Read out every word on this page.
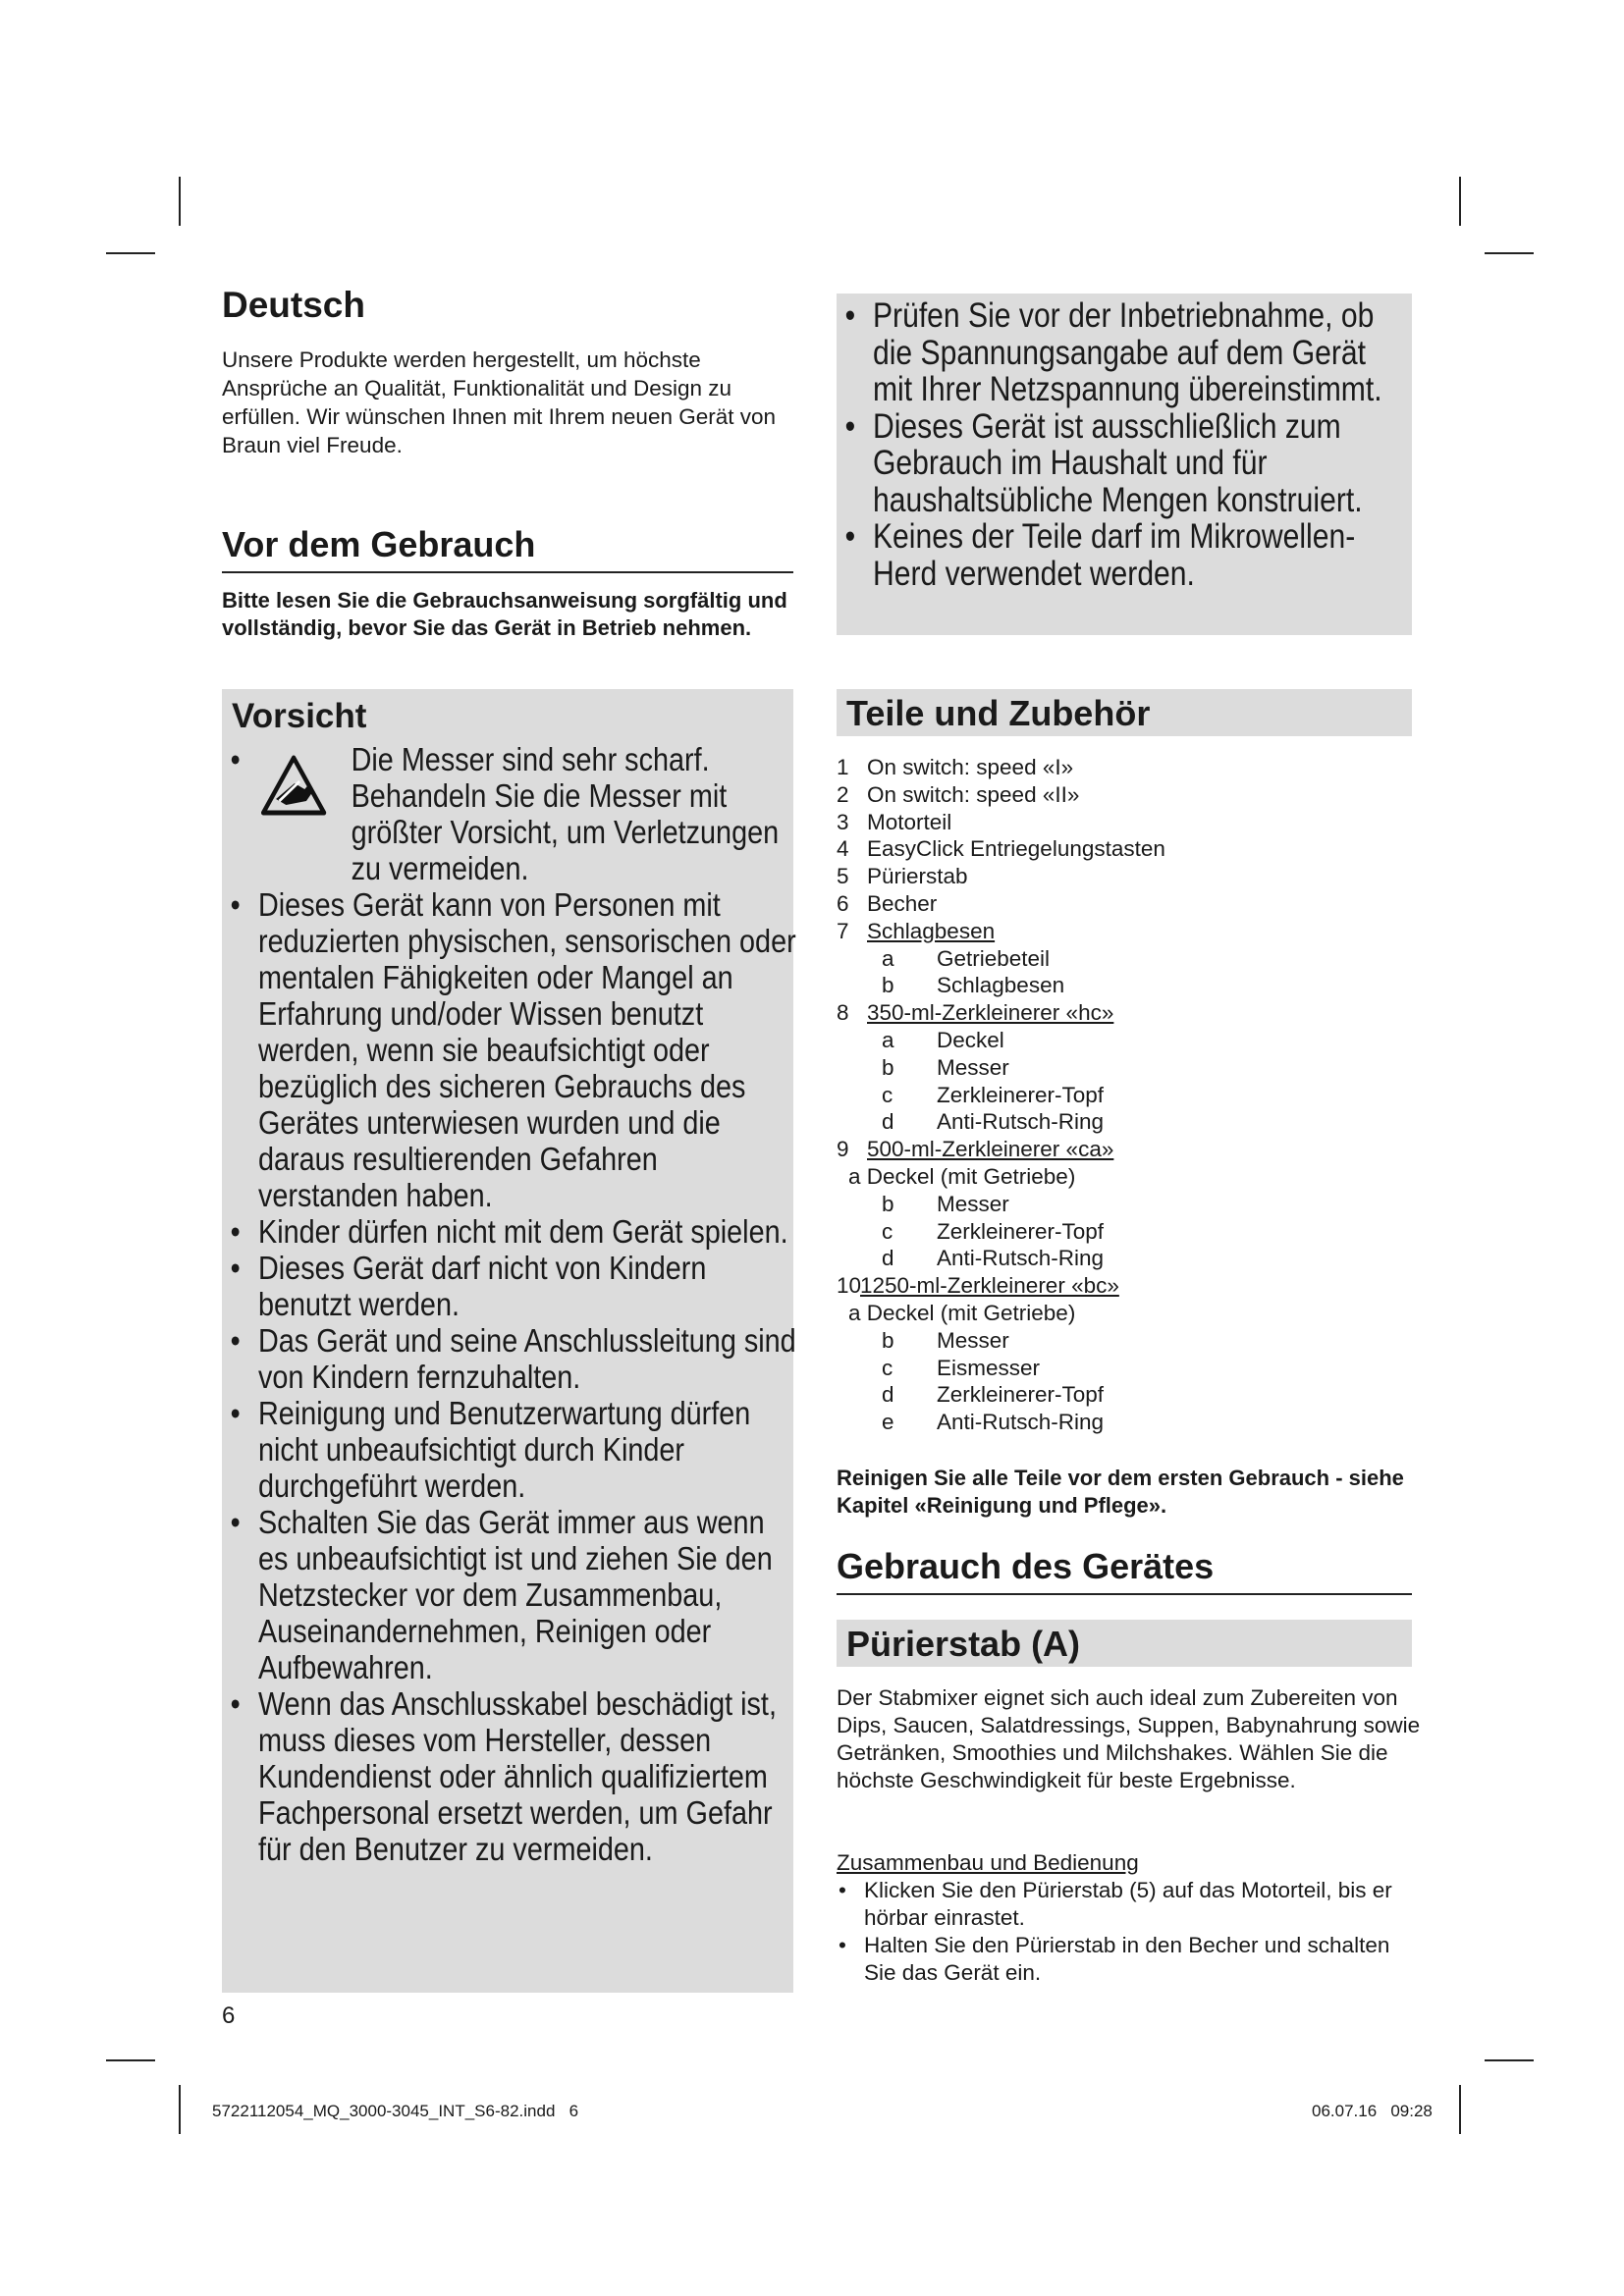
Deutsch

Unsere Produkte werden hergestellt, um höchste Ansprüche an Qualität, Funktionalität und Design zu erfüllen. Wir wünschen Ihnen mit Ihrem neuen Gerät von Braun viel Freude.

Vor dem Gebrauch

Bitte lesen Sie die Gebrauchsanweisung sorgfältig und vollständig, bevor Sie das Gerät in Betrieb nehmen.

Vorsicht
•	Die Messer sind sehr scharf. Behandeln Sie die Messer mit größter Vorsicht, um Verletzungen zu vermeiden.
• Dieses Gerät kann von Personen mit reduzierten physischen, sensorischen oder mentalen Fähigkeiten oder Mangel an Erfahrung und/oder Wissen benutzt werden, wenn sie beaufsichtigt oder bezüglich des sicheren Gebrauchs des Gerätes unterwiesen wurden und die daraus resultierenden Gefahren verstanden haben.
• Kinder dürfen nicht mit dem Gerät spielen.
• Dieses Gerät darf nicht von Kindern benutzt werden.
• Das Gerät und seine Anschlussleitung sind von Kindern fernzuhalten.
• Reinigung und Benutzerwartung dürfen nicht unbeaufsichtigt durch Kinder durchgeführt werden.
• Schalten Sie das Gerät immer aus wenn es unbeaufsichtigt ist und ziehen Sie den Netzstecker vor dem Zusammenbau, Auseinandernehmen, Reinigen oder Aufbewahren.
• Wenn das Anschlusskabel beschädigt ist, muss dieses vom Hersteller, dessen Kundendienst oder ähnlich qualifiziertem Fachpersonal ersetzt werden, um Gefahr für den Benutzer zu vermeiden.
• Prüfen Sie vor der Inbetriebnahme, ob die Spannungsangabe auf dem Gerät mit Ihrer Netzspannung übereinstimmt.
• Dieses Gerät ist ausschließlich zum Gebrauch im Haushalt und für haushaltsübliche Mengen konstruiert.
• Keines der Teile darf im Mikrowellen-Herd verwendet werden.
Teile und Zubehör
1 On switch: speed «I»
2 On switch: speed «II»
3 Motorteil
4 EasyClick Entriegelungstasten
5 Pürierstab
6 Becher
7 Schlagbesen
a Getriebeteil
b Schlagbesen
8 350-ml-Zerkleinerer «hc»
a Deckel
b Messer
c Zerkleinerer-Topf
d Anti-Rutsch-Ring
9 500-ml-Zerkleinerer «ca»
a Deckel (mit Getriebe)
b Messer
c Zerkleinerer-Topf
d Anti-Rutsch-Ring
10
1250-ml-Zerkleinerer «bc»
a Deckel (mit Getriebe)
b Messer
c Eismesser
d Zerkleinerer-Topf
e Anti-Rutsch-Ring
Reinigen Sie alle Teile vor dem ersten Gebrauch - siehe Kapitel «Reinigung und Pflege».
Gebrauch des Gerätes
Pürierstab (A)
Der Stabmixer eignet sich auch ideal zum Zubereiten von Dips, Saucen, Salatdressings, Suppen, Babynahrung sowie Getränken, Smoothies und Milchshakes. Wählen Sie die höchste Geschwindigkeit für beste Ergebnisse.
Zusammenbau und Bedienung
• Klicken Sie den Pürierstab (5) auf das Motorteil, bis er hörbar einrastet.
• Halten Sie den Pürierstab in den Becher und schalten Sie das Gerät ein.
6
5722112054_MQ_3000-3045_INT_S6-82.indd   6	06.07.16   09:28
